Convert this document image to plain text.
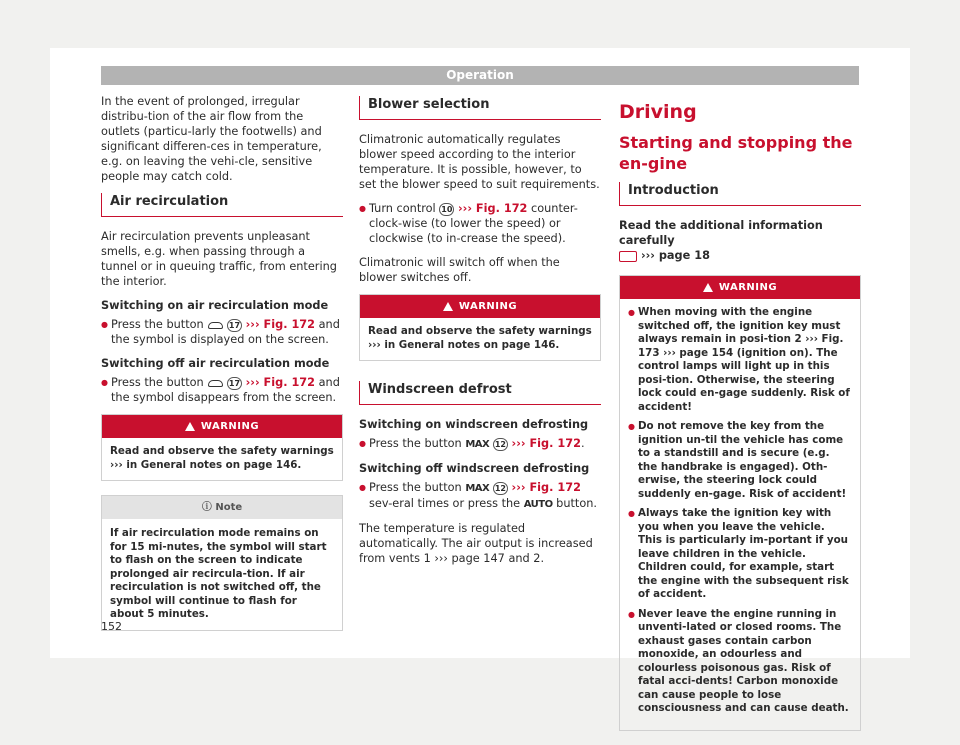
Operation

In the event of prolonged, irregular distribu-tion of the air flow from the outlets (particu-larly the footwells) and significant differen-ces in temperature, e.g. on leaving the vehi-cle, sensitive people may catch cold.

Air recirculation

Air recirculation prevents unpleasant smells, e.g. when passing through a tunnel or in queuing traffic, from entering the interior.

Switching on air recirculation mode
● Press the button	17 ››› Fig. 172 and the symbol is displayed on the screen.
Switching off air recirculation mode
● Press the button	17 ››› Fig. 172 and the symbol disappears from the screen.
WARNING
Read and observe the safety warnings ››› in General notes on page 146.
ⓘ Note
If air recirculation mode remains on for 15 mi-nutes, the symbol will start to flash on the screen to indicate prolonged air recircula-tion. If air recirculation is not switched off, the symbol will continue to flash for about 5 minutes.
Blower selection

Climatronic automatically regulates blower speed according to the interior temperature. It is possible, however, to set the blower speed to suit requirements.

● Turn control 10 ››› Fig. 172 counter-clock-wise (to lower the speed) or clockwise (to in-crease the speed).

Climatronic will switch off when the blower switches off.

WARNING
Read and observe the safety warnings ››› in General notes on page 146.
Windscreen defrost
Switching on windscreen defrosting
● Press the button MAX 12 ››› Fig. 172.
Switching off windscreen defrosting
● Press the button MAX 12 ››› Fig. 172 sev-eral times or press the AUTO button.

The temperature is regulated automatically. The air output is increased from vents 1 ››› page 147 and 2.

Driving
Starting and stopping the en-gine
Introduction
Read the additional information carefully
››› page 18
WARNING
● When moving with the engine switched off, the ignition key must always remain in posi-tion 2 ››› Fig. 173 ››› page 154 (ignition on). The control lamps will light up in this posi-tion. Otherwise, the steering lock could en-gage suddenly. Risk of accident!
● Do not remove the key from the ignition un-til the vehicle has come to a standstill and is secure (e.g. the handbrake is engaged). Oth-erwise, the steering lock could suddenly en-gage. Risk of accident!
● Always take the ignition key with you when you leave the vehicle. This is particularly im-portant if you leave children in the vehicle. Children could, for example, start the engine with the subsequent risk of accident.
● Never leave the engine running in unventi-lated or closed rooms. The exhaust gases contain carbon monoxide, an odourless and colourless poisonous gas. Risk of fatal acci-dents! Carbon monoxide can cause people to lose consciousness and can cause death.
152
